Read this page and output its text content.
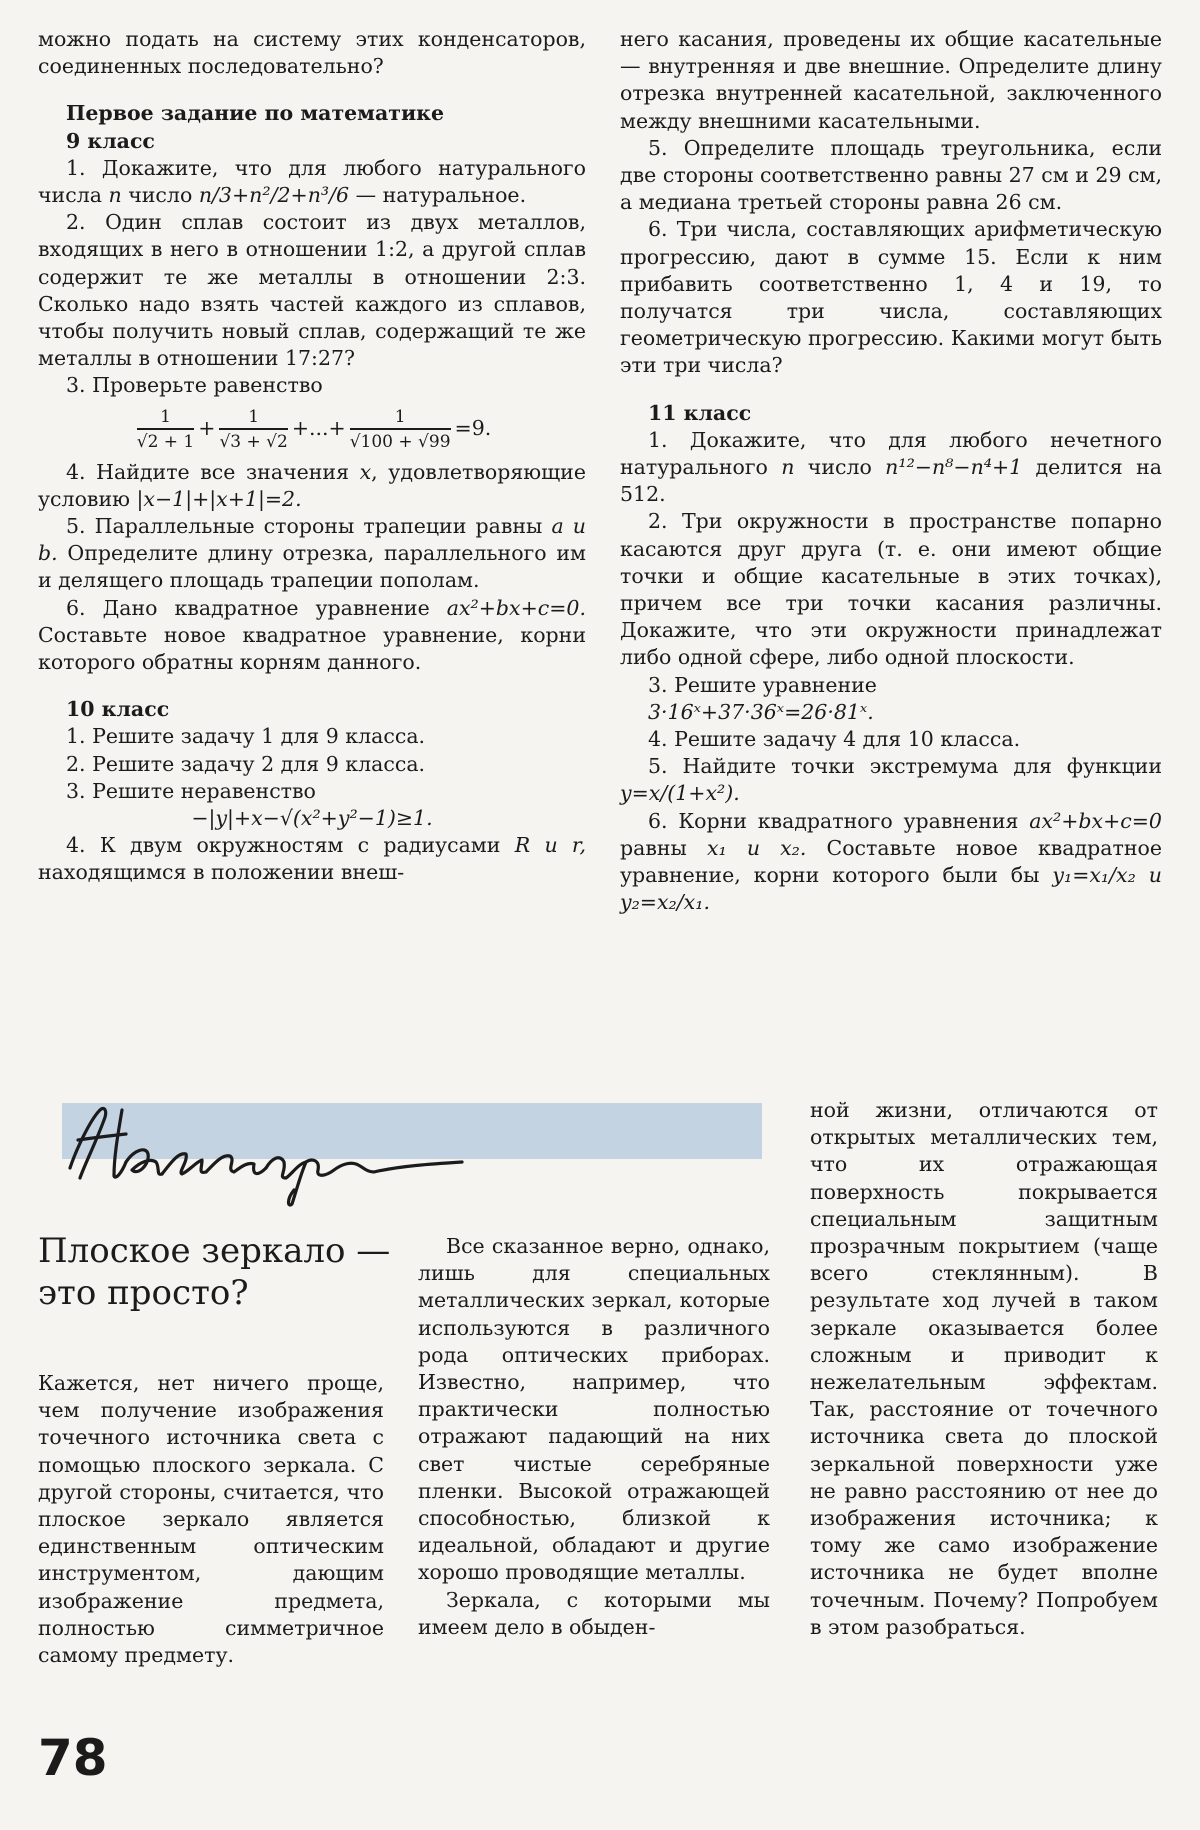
можно подать на систему этих конденсаторов, соединенных последовательно?

Первое задание по математике

9 класс

1. Докажите, что для любого натурального числа n число n/3+n²/2+n³/6 — натуральное.

2. Один сплав состоит из двух металлов, входящих в него в отношении 1:2, а другой сплав содержит те же металлы в отношении 2:3. Сколько надо взять частей каждого из сплавов, чтобы получить новый сплав, содержащий те же металлы в отношении 17:27?

3. Проверьте равенство

$\frac{1}{√2 + 1} + \frac{1}{√3 + √2}$ +...+ $\frac{1}{√100 + √99} =9$.

4. Найдите все значения x, удовлетворяющие условию |x−1|+|x+1|=2.

5. Параллельные стороны трапеции равны a и b. Определите длину отрезка, параллельного им и делящего площадь трапеции пополам.

6. Дано квадратное уравнение ax²+bx+c=0. Составьте новое квадратное уравнение, корни которого обратны корням данного.

10 класс

1. Решите задачу 1 для 9 класса.

2. Решите задачу 2 для 9 класса.

3. Решите неравенство

−|y|+x−√(x²+y²−1)≥1.

4. К двум окружностям с радиусами R и r, находящимся в положении внеш-

него касания, проведены их общие касательные — внутренняя и две внешние. Определите длину отрезка внутренней касательной, заключенного между внешними касательными.

5. Определите площадь треугольника, если две стороны соответственно равны 27 см и 29 см, а медиана третьей стороны равна 26 см.

6. Три числа, составляющих арифметическую прогрессию, дают в сумме 15. Если к ним прибавить соответственно 1, 4 и 19, то получатся три числа, составляющих геометрическую прогрессию. Какими могут быть эти три числа?

11 класс

1. Докажите, что для любого нечетного натурального n число n¹²−n⁸−n⁴+1 делится на 512.

2. Три окружности в пространстве попарно касаются друг друга (т. е. они имеют общие точки и общие касательные в этих точках), причем все три точки касания различны. Докажите, что эти окружности принадлежат либо одной сфере, либо одной плоскости.

3. Решите уравнение

3·16ˣ+37·36ˣ=26·81ˣ.

4. Решите задачу 4 для 10 класса.

5. Найдите точки экстремума для функции y=x/(1+x²).

6. Корни квадратного уравнения ax²+bx+c=0 равны x₁ и x₂. Составьте новое квадратное уравнение, корни которого были бы y₁=x₁/x₂ и y₂=x₂/x₁.

Плоское зеркало — это просто?

Кажется, нет ничего проще, чем получение изображения точечного источника света с помощью плоского зеркала. С другой стороны, считается, что плоское зеркало является единственным оптическим инструментом, дающим изображение предмета, полностью симметричное самому предмету.

Все сказанное верно, однако, лишь для специальных металлических зеркал, которые используются в различного рода оптических приборах. Известно, например, что практически полностью отражают падающий на них свет чистые серебряные пленки. Высокой отражающей способностью, близкой к идеальной, обладают и другие хорошо проводящие металлы.

Зеркала, с которыми мы имеем дело в обыден-

ной жизни, отличаются от открытых металлических тем, что их отражающая поверхность покрывается специальным защитным прозрачным покрытием (чаще всего стеклянным). В результате ход лучей в таком зеркале оказывается более сложным и приводит к нежелательным эффектам. Так, расстояние от точечного источника света до плоской зеркальной поверхности уже не равно расстоянию от нее до изображения источника; к тому же само изображение источника не будет вполне точечным. Почему? Попробуем в этом разобраться.

78
